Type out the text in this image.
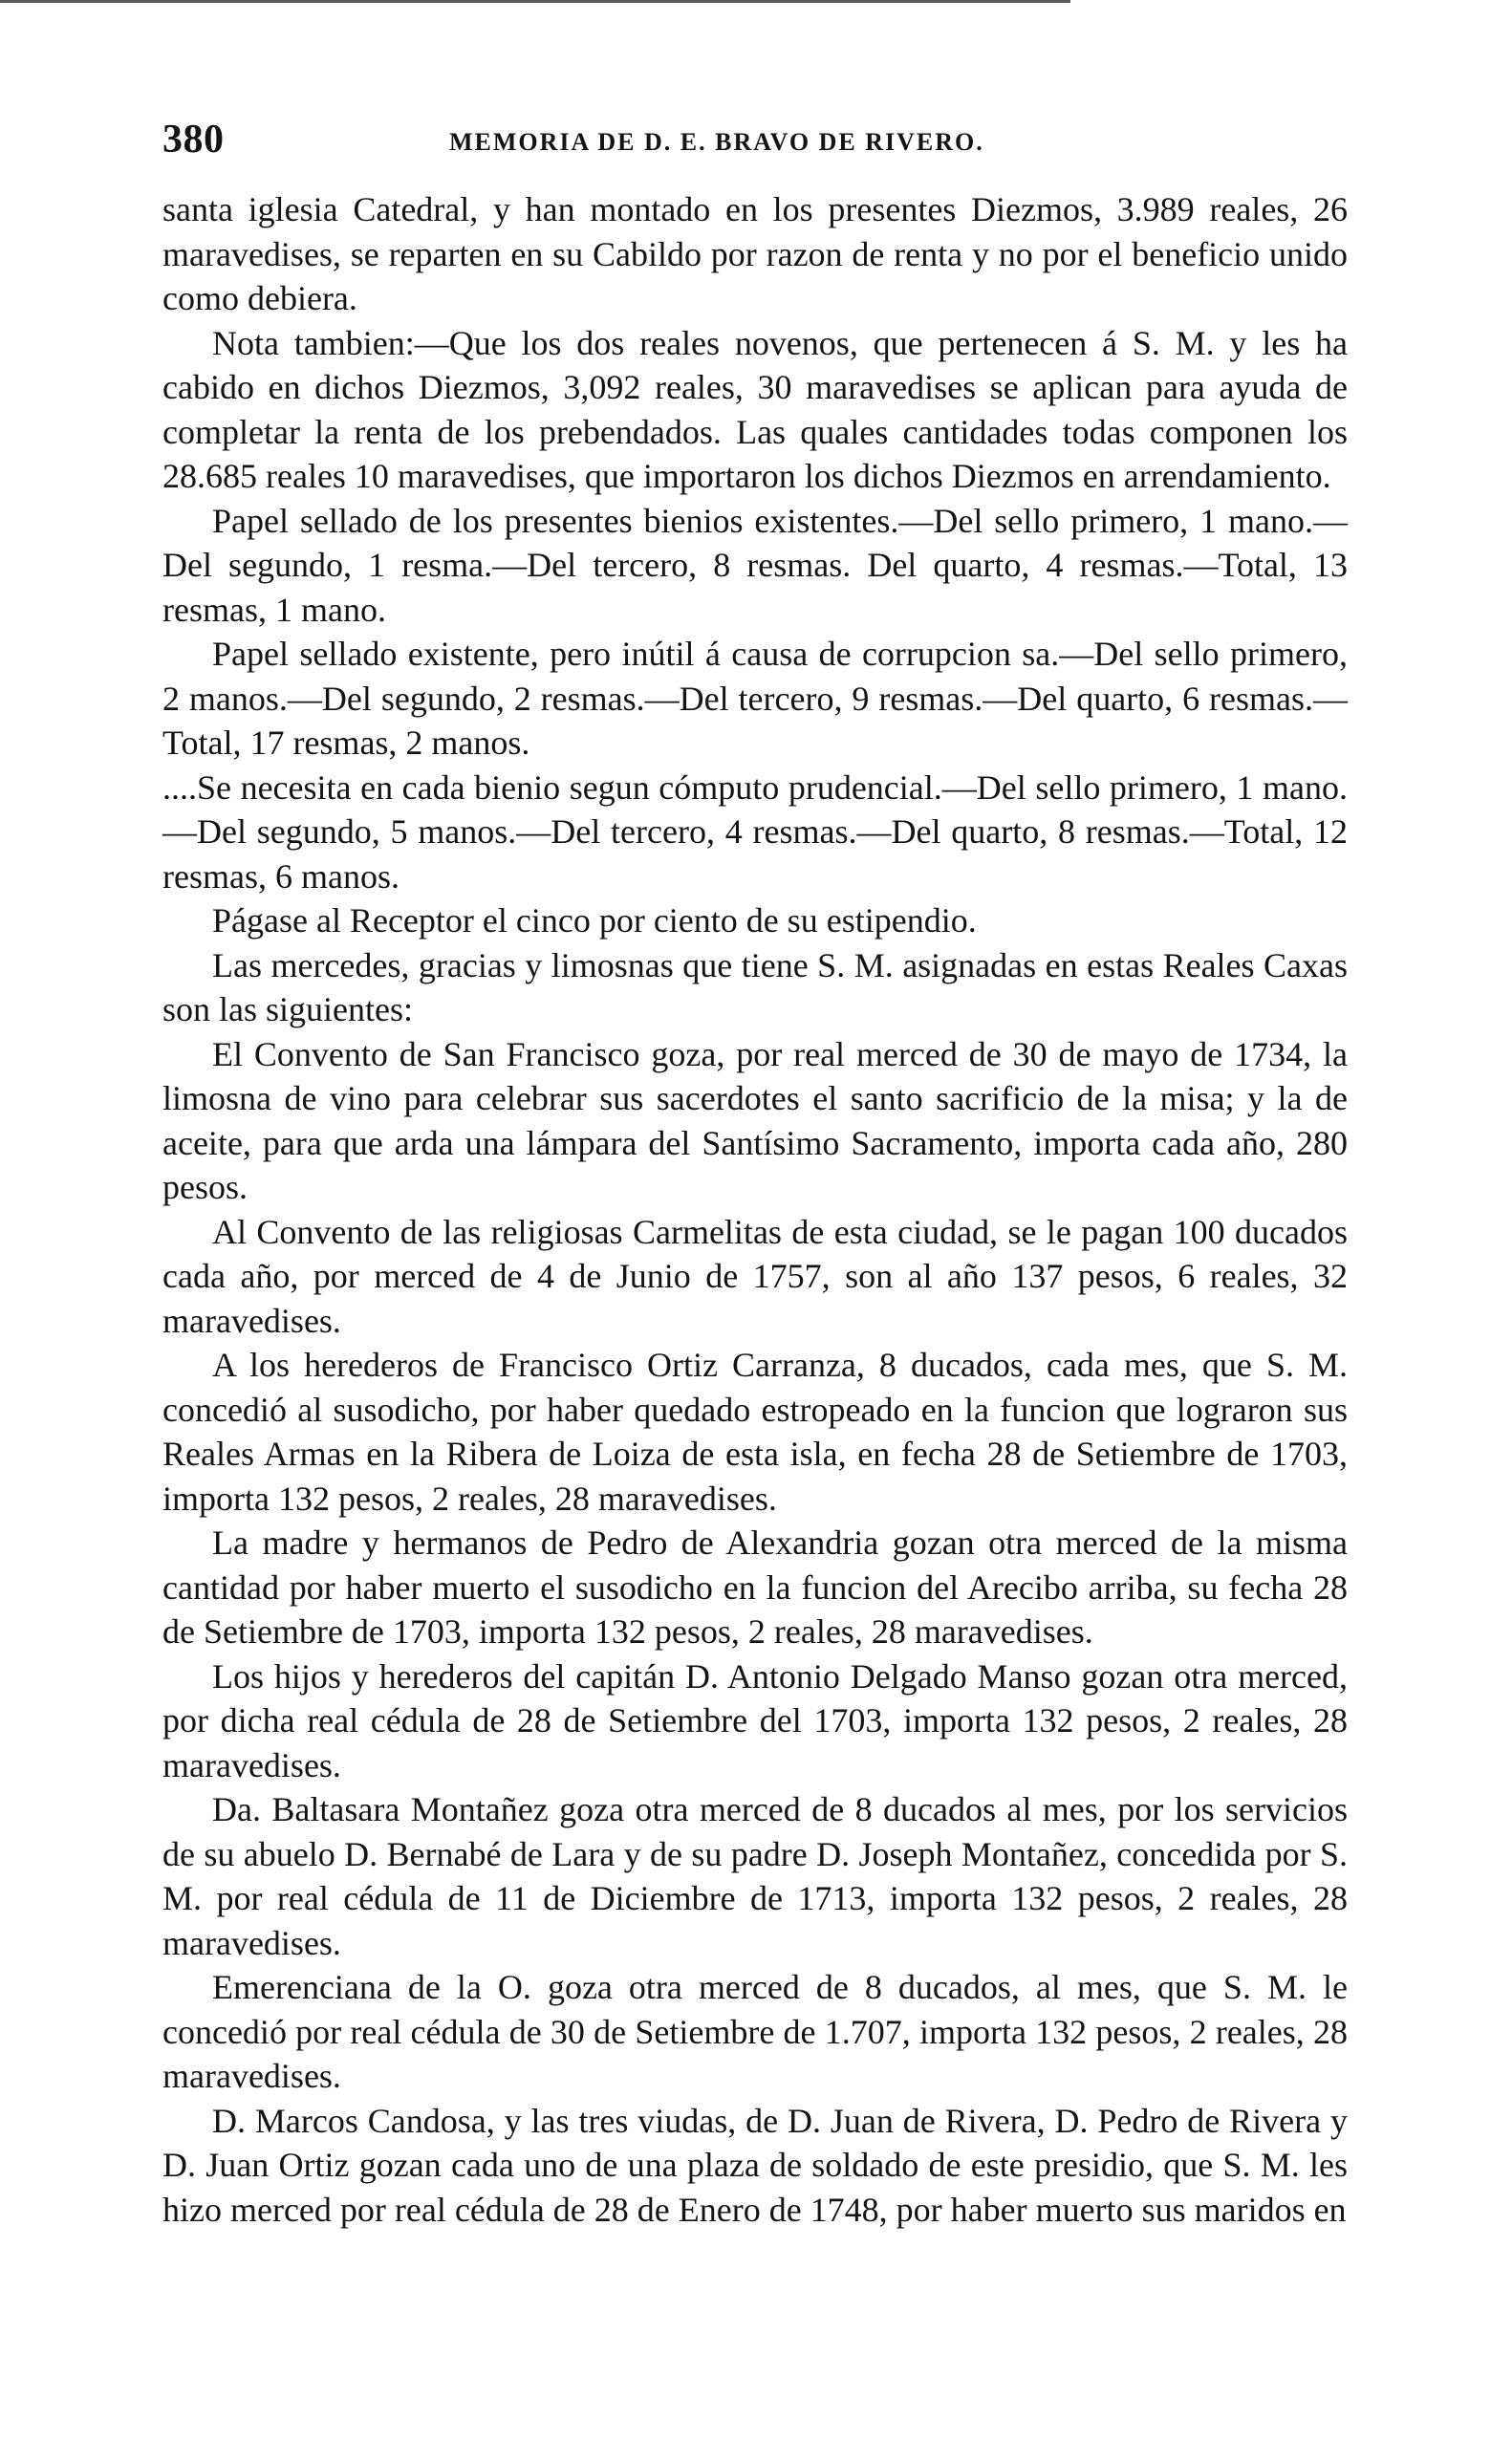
380	MEMORIA DE D. E. BRAVO DE RIVERO.

santa iglesia Catedral, y han montado en los presentes Diezmos, 3.989 reales, 26 maravedises, se reparten en su Cabildo por razon de renta y no por el beneficio unido como debiera.

Nota tambien:—Que los dos reales novenos, que pertenecen á S. M. y les ha cabido en dichos Diezmos, 3,092 reales, 30 maravedises se aplican para ayuda de completar la renta de los prebendados. Las quales cantidades todas componen los 28.685 reales 10 maravedises, que importaron los dichos Diezmos en arrendamiento.

Papel sellado de los presentes bienios existentes.—Del sello primero, 1 mano.—Del segundo, 1 resma.—Del tercero, 8 resmas. Del quarto, 4 resmas.—Total, 13 resmas, 1 mano.

Papel sellado existente, pero inútil á causa de corrupcion sa.—Del sello primero, 2 manos.—Del segundo, 2 resmas.—Del tercero, 9 resmas.—Del quarto, 6 resmas.—Total, 17 resmas, 2 manos.

....Se necesita en cada bienio segun cómputo prudencial.—Del sello primero, 1 mano.—Del segundo, 5 manos.—Del tercero, 4 resmas.—Del quarto, 8 resmas.—Total, 12 resmas, 6 manos.

Págase al Receptor el cinco por ciento de su estipendio.

Las mercedes, gracias y limosnas que tiene S. M. asignadas en estas Reales Caxas son las siguientes:

El Convento de San Francisco goza, por real merced de 30 de mayo de 1734, la limosna de vino para celebrar sus sacerdotes el santo sacrificio de la misa; y la de aceite, para que arda una lámpara del Santísimo Sacramento, importa cada año, 280 pesos.

Al Convento de las religiosas Carmelitas de esta ciudad, se le pagan 100 ducados cada año, por merced de 4 de Junio de 1757, son al año 137 pesos, 6 reales, 32 maravedises.

A los herederos de Francisco Ortiz Carranza, 8 ducados, cada mes, que S. M. concedió al susodicho, por haber quedado estropeado en la funcion que lograron sus Reales Armas en la Ribera de Loiza de esta isla, en fecha 28 de Setiembre de 1703, importa 132 pesos, 2 reales, 28 maravedises.

La madre y hermanos de Pedro de Alexandria gozan otra merced de la misma cantidad por haber muerto el susodicho en la funcion del Arecibo arriba, su fecha 28 de Setiembre de 1703, importa 132 pesos, 2 reales, 28 maravedises.

Los hijos y herederos del capitán D. Antonio Delgado Manso gozan otra merced, por dicha real cédula de 28 de Setiembre del 1703, importa 132 pesos, 2 reales, 28 maravedises.

Da. Baltasara Montañez goza otra merced de 8 ducados al mes, por los servicios de su abuelo D. Bernabé de Lara y de su padre D. Joseph Montañez, concedida por S. M. por real cédula de 11 de Diciembre de 1713, importa 132 pesos, 2 reales, 28 maravedises.

Emerenciana de la O. goza otra merced de 8 ducados, al mes, que S. M. le concedió por real cédula de 30 de Setiembre de 1.707, importa 132 pesos, 2 reales, 28 maravedises.

D. Marcos Candosa, y las tres viudas, de D. Juan de Rivera, D. Pedro de Rivera y D. Juan Ortiz gozan cada uno de una plaza de soldado de este presidio, que S. M. les hizo merced por real cédula de 28 de Enero de 1748, por haber muerto sus maridos en
